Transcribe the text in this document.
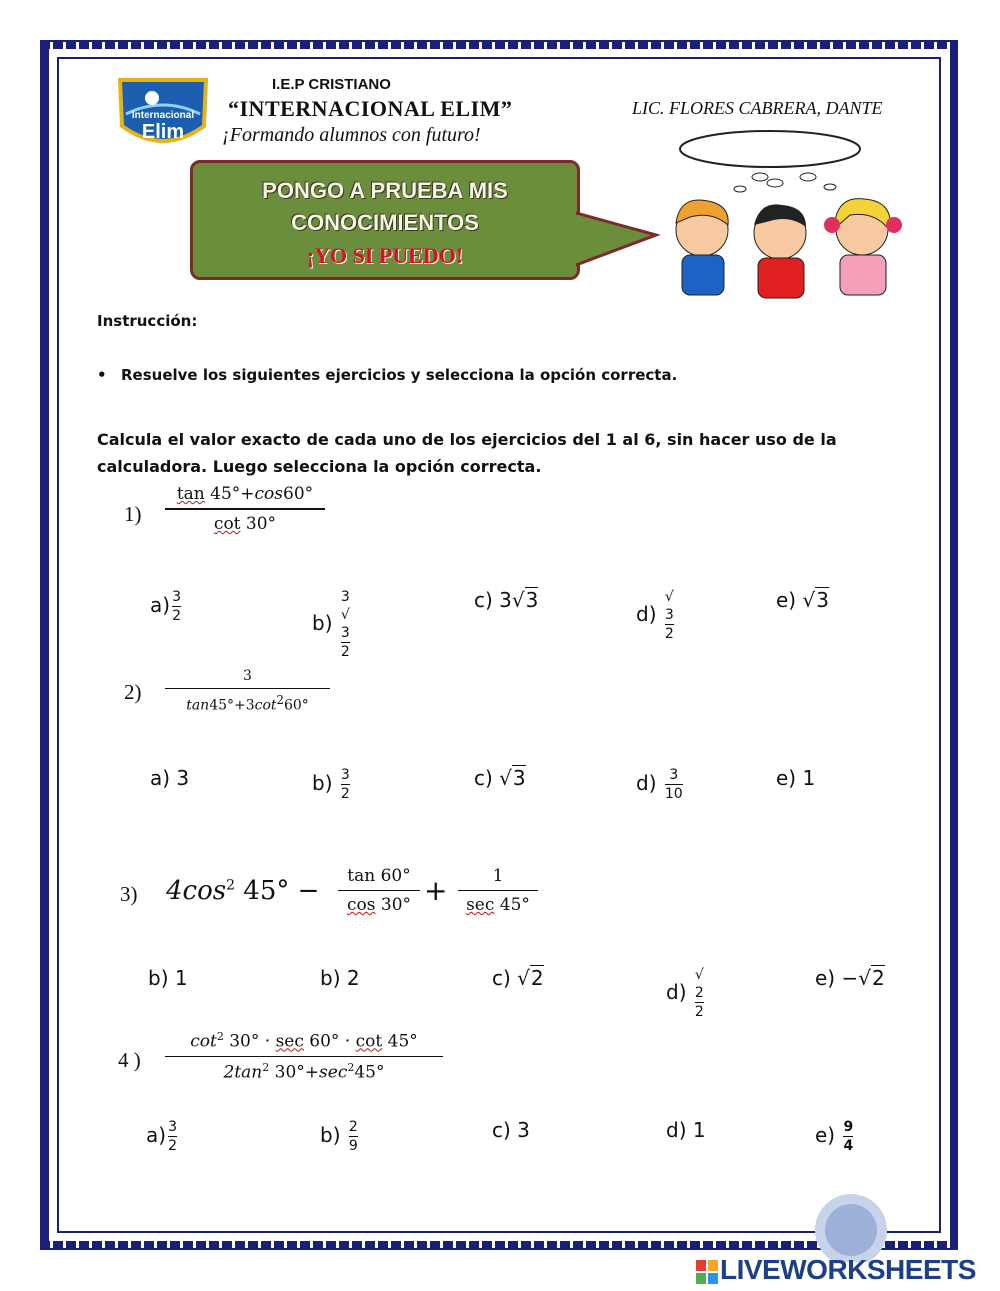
Internacional
Elim
I.E.P CRISTIANO
“INTERNACIONAL ELIM”
¡Formando alumnos con futuro!
LIC. FLORES CABRERA, DANTE
PONGO A PRUEBA MIS
CONOCIMIENTOS
¡YO SI PUEDO!
Instrucción:
• Resuelve los siguientes ejercicios y selecciona la opción correcta.
Calcula el valor exacto de cada uno de los ejercicios del 1 al 6, sin hacer uso de la calculadora. Luego selecciona la opción correcta.
1)
tan 45°+cos60°
cot 30°
$a) \frac{3}{2}$	b) 3
√
3
2	c) 3√3
d) √
3
2	e) √3
2)
3
$\tan 45^\circ+3\cot^260^\circ$
a) 3	$b) \frac{3}{2}$	c) √3	$d) \frac{3}{10}$	e) 1
3) $4\cos^2$ 45° −	tan 60°
cos 30° +	1
sec 45°
b) 1	b) 2	c) √2
d) √
2
2	e) −√2
4 )
$\cot^2 30^\circ \cdot \sec 60^\circ \cdot \cot 45^\circ$
$2\tan^2$ $30^\circ+\sec^245^\circ$
$a) \frac{3}{2}$	$b) \frac{2}{9}$	c) 3	d) 1	$e) \frac{9}{4}$
LIVEWORKSHEETS
